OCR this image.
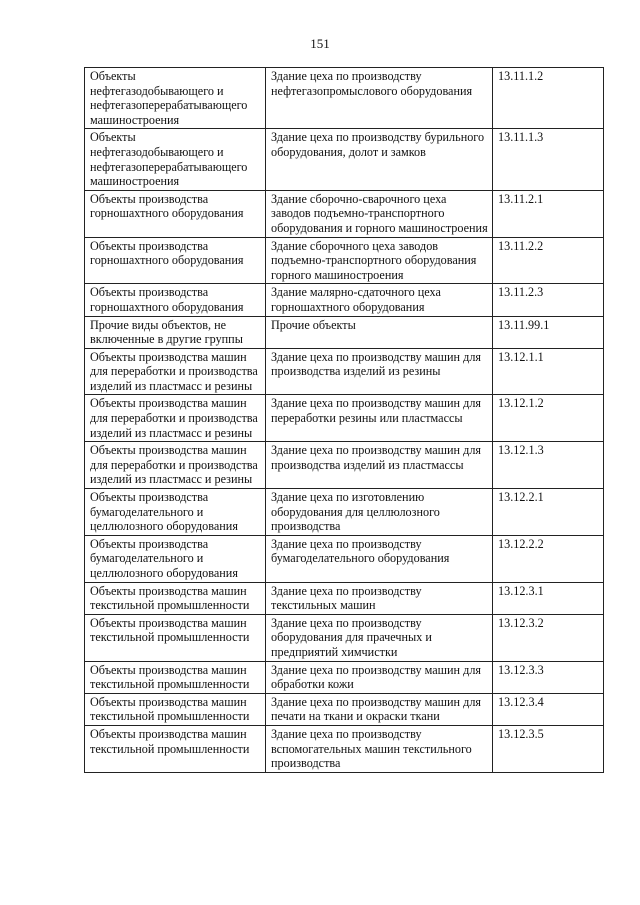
151
Объекты нефтегазодобывающего и нефтегазоперерабатывающего машиностроения	Здание цеха по производству нефтегазопромыслового оборудования	13.11.1.2
Объекты нефтегазодобывающего и нефтегазоперерабатывающего машиностроения	Здание цеха по производству бурильного оборудования, долот и замков	13.11.1.3
Объекты производства горношахтного оборудования	Здание сборочно-сварочного цеха заводов подъемно-транспортного оборудования и горного машиностроения	13.11.2.1
Объекты производства горношахтного оборудования	Здание сборочного цеха заводов подъемно-транспортного оборудования горного машиностроения	13.11.2.2
Объекты производства горношахтного оборудования	Здание малярно-сдаточного цеха горношахтного оборудования	13.11.2.3
Прочие виды объектов, не включенные в другие группы	Прочие объекты	13.11.99.1
Объекты производства машин для переработки и производства изделий из пластмасс и резины	Здание цеха по производству машин для производства изделий из резины	13.12.1.1
Объекты производства машин для переработки и производства изделий из пластмасс и резины	Здание цеха по производству машин для переработки резины или пластмассы	13.12.1.2
Объекты производства машин для переработки и производства изделий из пластмасс и резины	Здание цеха по производству машин для производства изделий из пластмассы	13.12.1.3
Объекты производства бумагоделательного и целлюлозного оборудования	Здание цеха по изготовлению оборудования для целлюлозного производства	13.12.2.1
Объекты производства бумагоделательного и целлюлозного оборудования	Здание цеха по производству бумагоделательного оборудования	13.12.2.2
Объекты производства машин текстильной промышленности	Здание цеха по производству текстильных машин	13.12.3.1
Объекты производства машин текстильной промышленности	Здание цеха по производству оборудования для прачечных и предприятий химчистки	13.12.3.2
Объекты производства машин текстильной промышленности	Здание цеха по производству машин для обработки кожи	13.12.3.3
Объекты производства машин текстильной промышленности	Здание цеха по производству машин для печати на ткани и окраски ткани	13.12.3.4
Объекты производства машин текстильной промышленности	Здание цеха по производству вспомогательных машин текстильного производства	13.12.3.5
